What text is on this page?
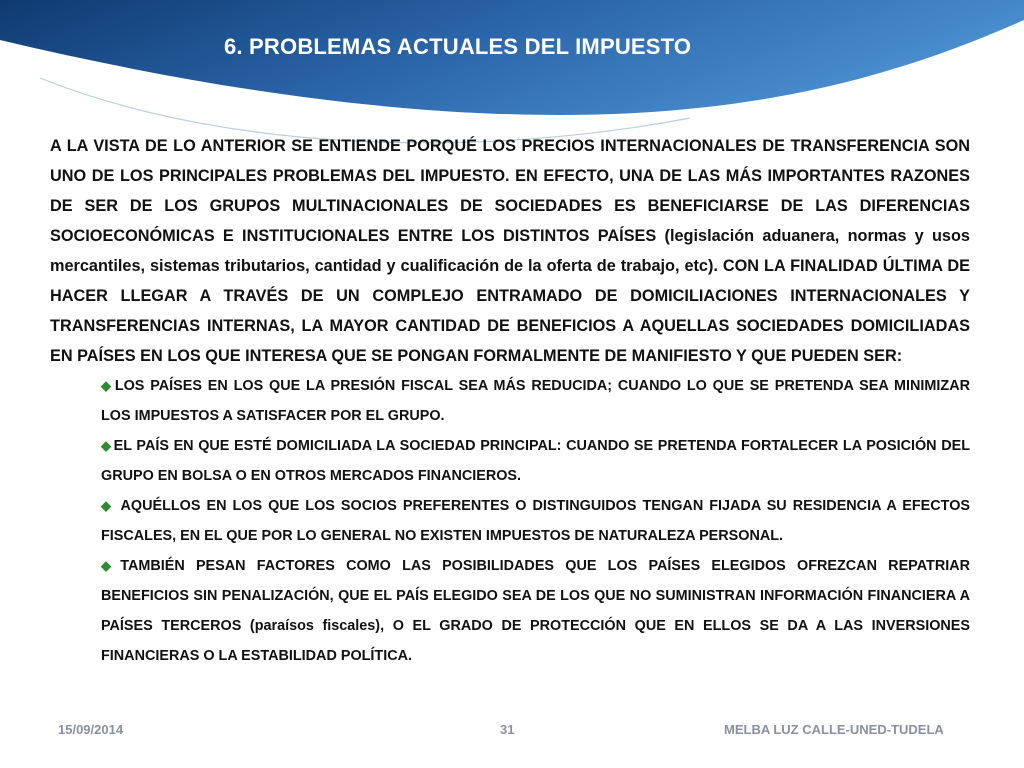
6. PROBLEMAS ACTUALES DEL IMPUESTO

A LA VISTA DE LO ANTERIOR SE ENTIENDE PORQUÉ LOS PRECIOS INTERNACIONALES DE TRANSFERENCIA SON UNO DE LOS PRINCIPALES PROBLEMAS DEL IMPUESTO. EN EFECTO, UNA DE LAS MÁS IMPORTANTES RAZONES DE SER DE LOS GRUPOS MULTINACIONALES DE SOCIEDADES ES BENEFICIARSE DE LAS DIFERENCIAS SOCIOECONÓMICAS E INSTITUCIONALES ENTRE LOS DISTINTOS PAÍSES (legislación aduanera, normas y usos mercantiles, sistemas tributarios, cantidad y cualificación de la oferta de trabajo, etc). CON LA FINALIDAD ÚLTIMA DE HACER LLEGAR A TRAVÉS DE UN COMPLEJO ENTRAMADO DE DOMICILIACIONES INTERNACIONALES Y TRANSFERENCIAS INTERNAS, LA MAYOR CANTIDAD DE BENEFICIOS A AQUELLAS SOCIEDADES DOMICILIADAS EN PAÍSES EN LOS QUE INTERESA QUE SE PONGAN FORMALMENTE DE MANIFIESTO Y QUE PUEDEN SER:

◆ LOS PAÍSES EN LOS QUE LA PRESIÓN FISCAL SEA MÁS REDUCIDA; CUANDO LO QUE SE PRETENDA SEA MINIMIZAR LOS IMPUESTOS A SATISFACER POR EL GRUPO.
◆ EL PAÍS EN QUE ESTÉ DOMICILIADA LA SOCIEDAD PRINCIPAL: CUANDO SE PRETENDA FORTALECER LA POSICIÓN DEL GRUPO EN BOLSA O EN OTROS MERCADOS FINANCIEROS.
◆ AQUÉLLOS EN LOS QUE LOS SOCIOS PREFERENTES O DISTINGUIDOS TENGAN FIJADA SU RESIDENCIA A EFECTOS FISCALES, EN EL QUE POR LO GENERAL NO EXISTEN IMPUESTOS DE NATURALEZA PERSONAL.
◆ TAMBIÉN PESAN FACTORES COMO LAS POSIBILIDADES QUE LOS PAÍSES ELEGIDOS OFREZCAN REPATRIAR BENEFICIOS SIN PENALIZACIÓN, QUE EL PAÍS ELEGIDO SEA DE LOS QUE NO SUMINISTRAN INFORMACIÓN FINANCIERA A PAÍSES TERCEROS (paraísos fiscales), O EL GRADO DE PROTECCIÓN QUE EN ELLOS SE DA A LAS INVERSIONES FINANCIERAS O LA ESTABILIDAD POLÍTICA.
15/09/2014	31	MELBA LUZ CALLE-UNED-TUDELA
